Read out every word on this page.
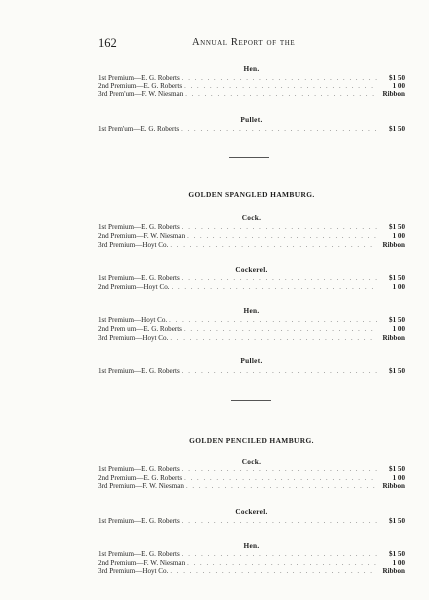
162	Annual Report of the
Hen.
1st Premium—E. G. Roberts . . .	$1 50
2nd Premium—E. G. Roberts . . .	1 00
3rd Prem'um—F. W. Niesman . . .	Ribbon
Pullet.
1st Prem'um—E. G. Roberts . . .	$1 50
GOLDEN SPANGLED HAMBURG.
Cock.
1st Premium—E. G. Roberts . . .	$1 50
2nd Premium—F. W. Niesman . . .	1 00
3rd Premium—Hoyt Co. . . .	Ribbon
Cockerel.
1st Premium—E. G. Roberts . . .	$1 50
2nd Premium—Hoyt Co. . . .	1 00
Hen.
1st Premium—Hoyt Co. . . .	$1 50
2nd Prem um—E. G. Roberts . . .	1 00
3rd Premium—Hoyt Co. . . .	Ribbon
Pullet.
1st Premium—E. G. Roberts . . .	$1 50
GOLDEN PENCILED HAMBURG.
Cock.
1st Premium—E. G. Roberts . . .	$1 50
2nd Premium—E. G. Roberts . . .	1 00
3rd Premium—F. W. Niesman . . .	Ribbon
Cockerel.
1st Premium—E. G. Roberts . . .	$1 50
Hen.
1st Premium—E. G. Roberts . . .	$1 50
2nd Premium—F. W. Niesman . . .	1 00
3rd Premium—Hoyt Co. . . .	Ribbon
